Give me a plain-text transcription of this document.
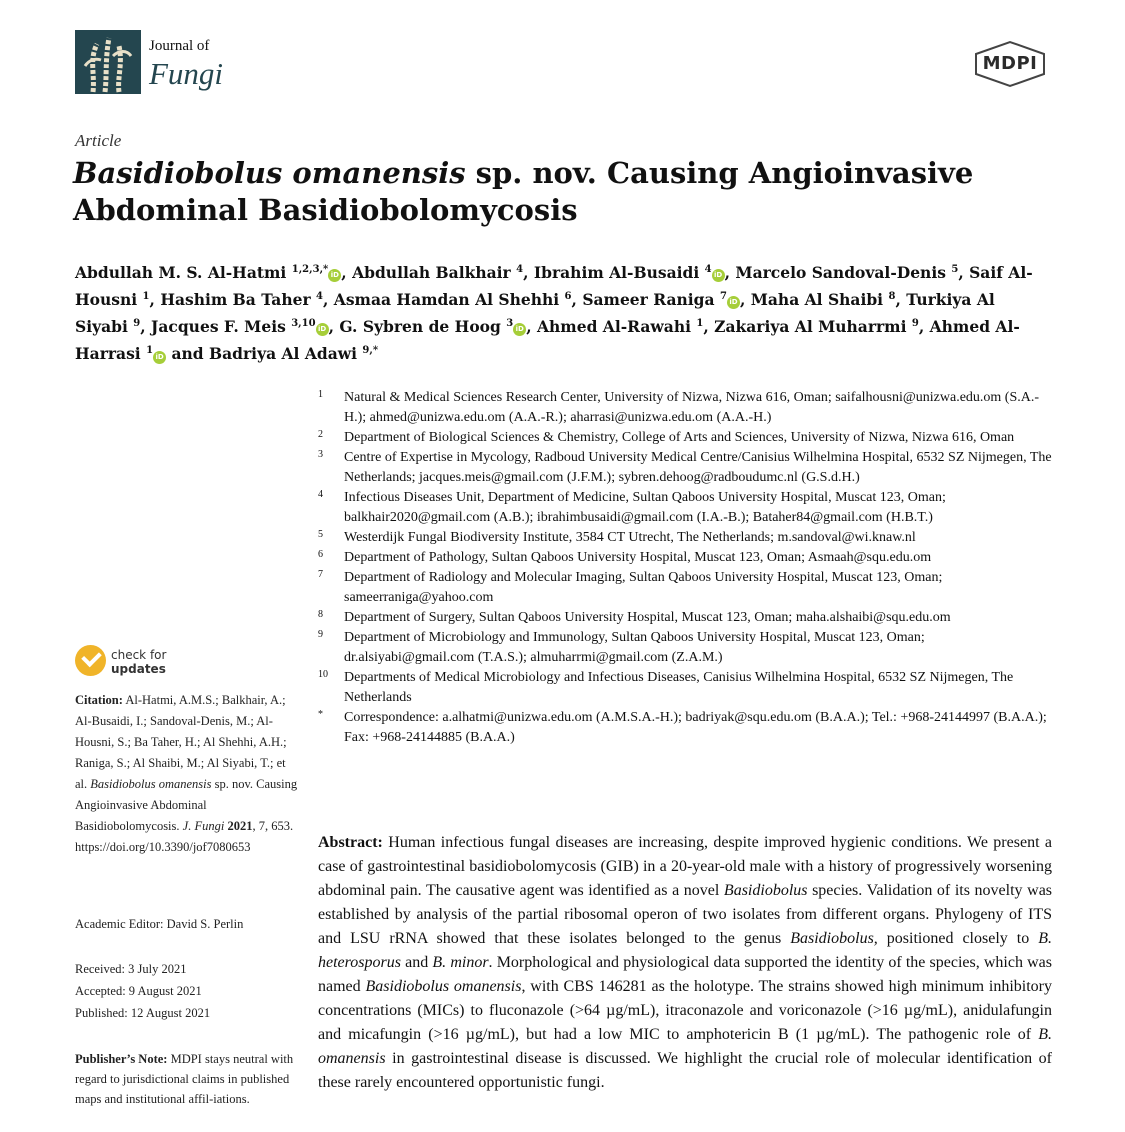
Journal of
Fungi	MDPI
Article
Basidiobolus omanensis sp. nov. Causing Angioinvasive
Abdominal Basidiobolomycosis
Abdullah M. S. Al-Hatmi $^{1,2,3,*}$iD , Abdullah Balkhair $^4$, Ibrahim Al-Busaidi $^4$iD , Marcelo Sandoval-Denis $^5$, Saif Al-Housni $^1$, Hashim Ba Taher $^4$, Asmaa Hamdan Al Shehhi $^6$, Sameer Raniga $^7$iD , Maha Al Shaibi $^8$, Turkiya Al Siyabi $^9$, Jacques F. Meis $^{3,10}$iD , G. Sybren de Hoog $^3$iD , Ahmed Al-Rawahi $^1$, Zakariya Al Muharrmi $^9$, Ahmed Al-Harrasi $^1$iD and Badriya Al Adawi $^{9,*}$
1	Natural & Medical Sciences Research Center, University of Nizwa, Nizwa 616, Oman; saifalhousni@unizwa.edu.om (S.A.-H.); ahmed@unizwa.edu.om (A.A.-R.); aharrasi@unizwa.edu.om (A.A.-H.)
2	Department of Biological Sciences & Chemistry, College of Arts and Sciences, University of Nizwa, Nizwa 616, Oman
3	Centre of Expertise in Mycology, Radboud University Medical Centre/Canisius Wilhelmina Hospital, 6532 SZ Nijmegen, The Netherlands; jacques.meis@gmail.com (J.F.M.); sybren.dehoog@radboudumc.nl (G.S.d.H.)
4	Infectious Diseases Unit, Department of Medicine, Sultan Qaboos University Hospital, Muscat 123, Oman; balkhair2020@gmail.com (A.B.); ibrahimbusaidi@gmail.com (I.A.-B.); Bataher84@gmail.com (H.B.T.)
5	Westerdijk Fungal Biodiversity Institute, 3584 CT Utrecht, The Netherlands; m.sandoval@wi.knaw.nl
6	Department of Pathology, Sultan Qaboos University Hospital, Muscat 123, Oman; Asmaah@squ.edu.om
7	Department of Radiology and Molecular Imaging, Sultan Qaboos University Hospital, Muscat 123, Oman; sameerraniga@yahoo.com
8	Department of Surgery, Sultan Qaboos University Hospital, Muscat 123, Oman; maha.alshaibi@squ.edu.om
9	Department of Microbiology and Immunology, Sultan Qaboos University Hospital, Muscat 123, Oman; dr.alsiyabi@gmail.com (T.A.S.); almuharrmi@gmail.com (Z.A.M.)
10	Departments of Medical Microbiology and Infectious Diseases, Canisius Wilhelmina Hospital, 6532 SZ Nijmegen, The Netherlands
*	Correspondence: a.alhatmi@unizwa.edu.om (A.M.S.A.-H.); badriyak@squ.edu.om (B.A.A.); Tel.: +968-24144997 (B.A.A.); Fax: +968-24144885 (B.A.A.)
check for
updates
Citation: Al-Hatmi, A.M.S.; Balkhair, A.; Al-Busaidi, I.; Sandoval-Denis, M.; Al-Housni, S.; Ba Taher, H.; Al Shehhi, A.H.; Raniga, S.; Al Shaibi, M.; Al Siyabi, T.; et al. Basidiobolus omanensis sp. nov. Causing Angioinvasive Abdominal Basidiobolomycosis. J. Fungi 2021, 7, 653. https://doi.org/10.3390/jof7080653
Academic Editor: David S. Perlin
Received: 3 July 2021
Accepted: 9 August 2021
Published: 12 August 2021
Publisher’s Note: MDPI stays neutral with regard to jurisdictional claims in published maps and institutional affil-iations.
Abstract: Human infectious fungal diseases are increasing, despite improved hygienic conditions. We present a case of gastrointestinal basidiobolomycosis (GIB) in a 20-year-old male with a history of progressively worsening abdominal pain. The causative agent was identified as a novel Basidiobolus species. Validation of its novelty was established by analysis of the partial ribosomal operon of two isolates from different organs. Phylogeny of ITS and LSU rRNA showed that these isolates belonged to the genus Basidiobolus, positioned closely to B. heterosporus and B. minor. Morphological and physiological data supported the identity of the species, which was named Basidiobolus omanensis, with CBS 146281 as the holotype. The strains showed high minimum inhibitory concentrations (MICs) to fluconazole (>64 µg/mL), itraconazole and voriconazole (>16 µg/mL), anidulafungin and micafungin (>16 µg/mL), but had a low MIC to amphotericin B (1 µg/mL). The pathogenic role of B. omanensis in gastrointestinal disease is discussed. We highlight the crucial role of molecular identification of these rarely encountered opportunistic fungi.
